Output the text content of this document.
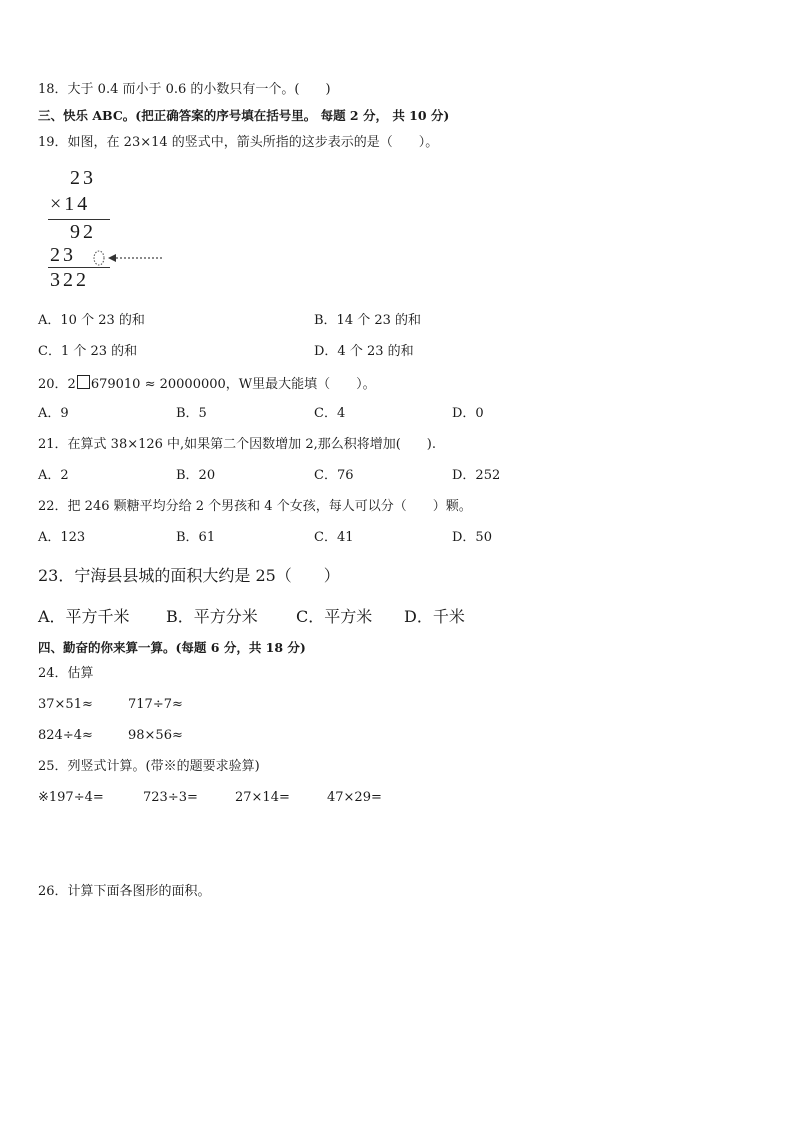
18．大于 0.4 而小于 0.6 的小数只有一个。(　　)
三、快乐 ABC。(把正确答案的序号填在括号里。 每题 2 分， 共 10 分)
19．如图，在 23×14 的竖式中，箭头所指的这步表示的是（　　）。
23
×14
92
23
322
A．10 个 23 的和	B．14 个 23 的和
C．1 个 23 的和	D．4 个 23 的和
20．2 679010 ≈ 20000000，W里最大能填（　　）。
A．9	B．5	C．4	D．0
21．在算式 38×126 中,如果第二个因数增加 2,那么积将增加(　　).
A．2	B．20	C．76	D．252
22．把 246 颗糖平均分给 2 个男孩和 4 个女孩，每人可以分（　　）颗。
A．123	B．61	C．41	D．50
23．宁海县县城的面积大约是 25（　　）
A．平方千米 B．平方分米 C．平方米 D．千米
四、勤奋的你来算一算。(每题 6 分，共 18 分)
24．估算
37×51≈	717÷7≈
824÷4≈	98×56≈
25．列竖式计算。(带※的题要求验算)
※197÷4=	723÷3=	27×14=	47×29=
26．计算下面各图形的面积。
